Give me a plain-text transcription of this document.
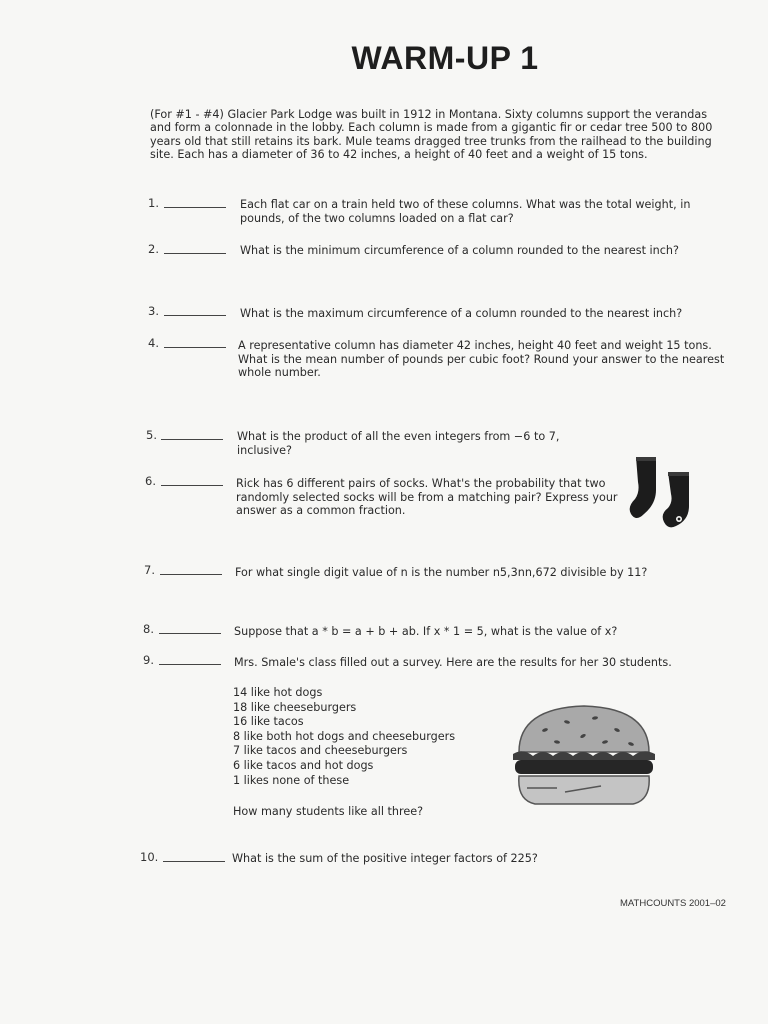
WARM-UP 1
(For #1 - #4) Glacier Park Lodge was built in 1912 in Montana. Sixty columns support the verandas and form a colonnade in the lobby. Each column is made from a gigantic fir or cedar tree 500 to 800 years old that still retains its bark. Mule teams dragged tree trunks from the railhead to the building site. Each has a diameter of 36 to 42 inches, a height of 40 feet and a weight of 15 tons.
1.	Each flat car on a train held two of these columns. What was the total weight, in pounds, of the two columns loaded on a flat car?
2.	What is the minimum circumference of a column rounded to the nearest inch?
3.	What is the maximum circumference of a column rounded to the nearest inch?
4.	A representative column has diameter 42 inches, height 40 feet and weight 15 tons. What is the mean number of pounds per cubic foot? Round your answer to the nearest whole number.
5.	What is the product of all the even integers from −6 to 7, inclusive?
6.	Rick has 6 different pairs of socks. What's the probability that two randomly selected socks will be from a matching pair? Express your answer as a common fraction.
7.	For what single digit value of n is the number n5,3nn,672 divisible by 11?
8.	Suppose that a * b = a + b + ab. If x * 1 = 5, what is the value of x?
9.	Mrs. Smale's class filled out a survey. Here are the results for her 30 students.
14 like hot dogs
18 like cheeseburgers
16 like tacos
8 like both hot dogs and cheeseburgers
7 like tacos and cheeseburgers
6 like tacos and hot dogs
1 likes none of these
How many students like all three?
10.	What is the sum of the positive integer factors of 225?
MATHCOUNTS 2001–02
